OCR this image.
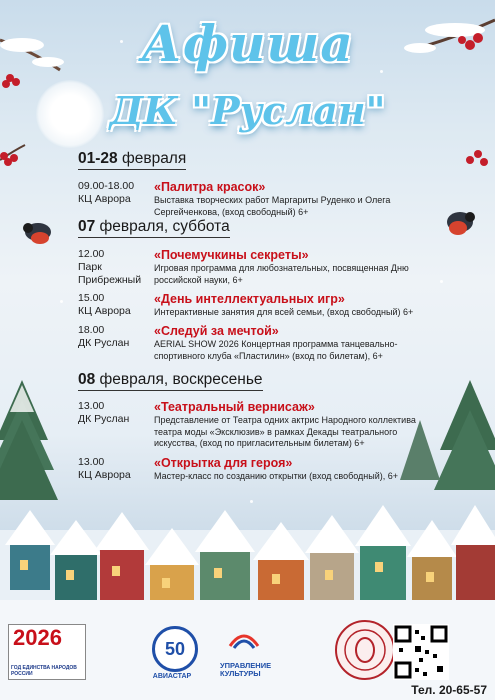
Афиша
ДК "Руслан"
01-28 февраля
09.00-18.00
КЦ Аврора
«Палитра красок»
Выставка творческих работ Маргариты Руденко и Олега Сергейченкова, (вход свободный) 6+
07 февраля, суббота
12.00
Парк Прибрежный
«Почемучкины секреты»
Игровая программа для любознательных, посвященная Дню российской науки, 6+
15.00
КЦ Аврора
«День интеллектуальных игр»
Интерактивные занятия для всей семьи, (вход свободный) 6+
18.00
ДК Руслан
«Следуй за мечтой»
AERIAL SHOW 2026 Концертная программа танцевально-спортивного клуба «Пластилин» (вход по билетам), 6+
08 февраля, воскресенье
13.00
ДК Руслан
«Театральный вернисаж»
Представление от Театра одних актрис Народного коллектива театра моды «Эксклюзив» в рамках Декады театрального искусства, (вход по пригласительным билетам) 6+
13.00
КЦ Аврора
«Открытка для героя»
Мастер-класс по созданию открытки (вход свободный), 6+
2026
ГОД ЕДИНСТВА НАРОДОВ РОССИИ
50
АВИАСТАР
УПРАВЛЕНИЕ КУЛЬТУРЫ
Тел. 20-65-57
